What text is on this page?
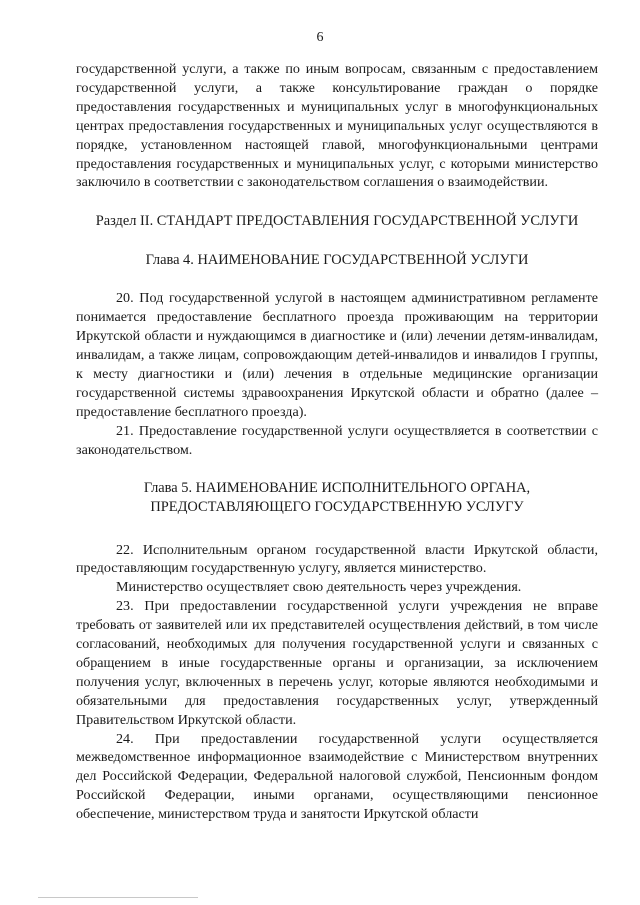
6

государственной услуги, а также по иным вопросам, связанным с предоставлением государственной услуги, а также консультирование граждан о порядке предоставления государственных и муниципальных услуг в многофункциональных центрах предоставления государственных и муниципальных услуг осуществляются в порядке, установленном настоящей главой, многофункциональными центрами предоставления государственных и муниципальных услуг, с которыми министерство заключило в соответствии с законодательством соглашения о взаимодействии.

Раздел II. СТАНДАРТ ПРЕДОСТАВЛЕНИЯ ГОСУДАРСТВЕННОЙ УСЛУГИ
Глава 4. НАИМЕНОВАНИЕ ГОСУДАРСТВЕННОЙ УСЛУГИ

20. Под государственной услугой в настоящем административном регламенте понимается предоставление бесплатного проезда проживающим на территории Иркутской области и нуждающимся в диагностике и (или) лечении детям-инвалидам, инвалидам, а также лицам, сопровождающим детей-инвалидов и инвалидов I группы, к месту диагностики и (или) лечения в отдельные медицинские организации государственной системы здравоохранения Иркутской области и обратно (далее – предоставление бесплатного проезда).

21. Предоставление государственной услуги осуществляется в соответствии с законодательством.

Глава 5. НАИМЕНОВАНИЕ ИСПОЛНИТЕЛЬНОГО ОРГАНА,
ПРЕДОСТАВЛЯЮЩЕГО ГОСУДАРСТВЕННУЮ УСЛУГУ

22. Исполнительным органом государственной власти Иркутской области, предоставляющим государственную услугу, является министерство.

Министерство осуществляет свою деятельность через учреждения.

23. При предоставлении государственной услуги учреждения не вправе требовать от заявителей или их представителей осуществления действий, в том числе согласований, необходимых для получения государственной услуги и связанных с обращением в иные государственные органы и организации, за исключением получения услуг, включенных в перечень услуг, которые являются необходимыми и обязательными для предоставления государственных услуг, утвержденный Правительством Иркутской области.

24. При предоставлении государственной услуги осуществляется межведомственное информационное взаимодействие с Министерством внутренних дел Российской Федерации, Федеральной налоговой службой, Пенсионным фондом Российской Федерации, иными органами, осуществляющими пенсионное обеспечение, министерством труда и занятости Иркутской области
